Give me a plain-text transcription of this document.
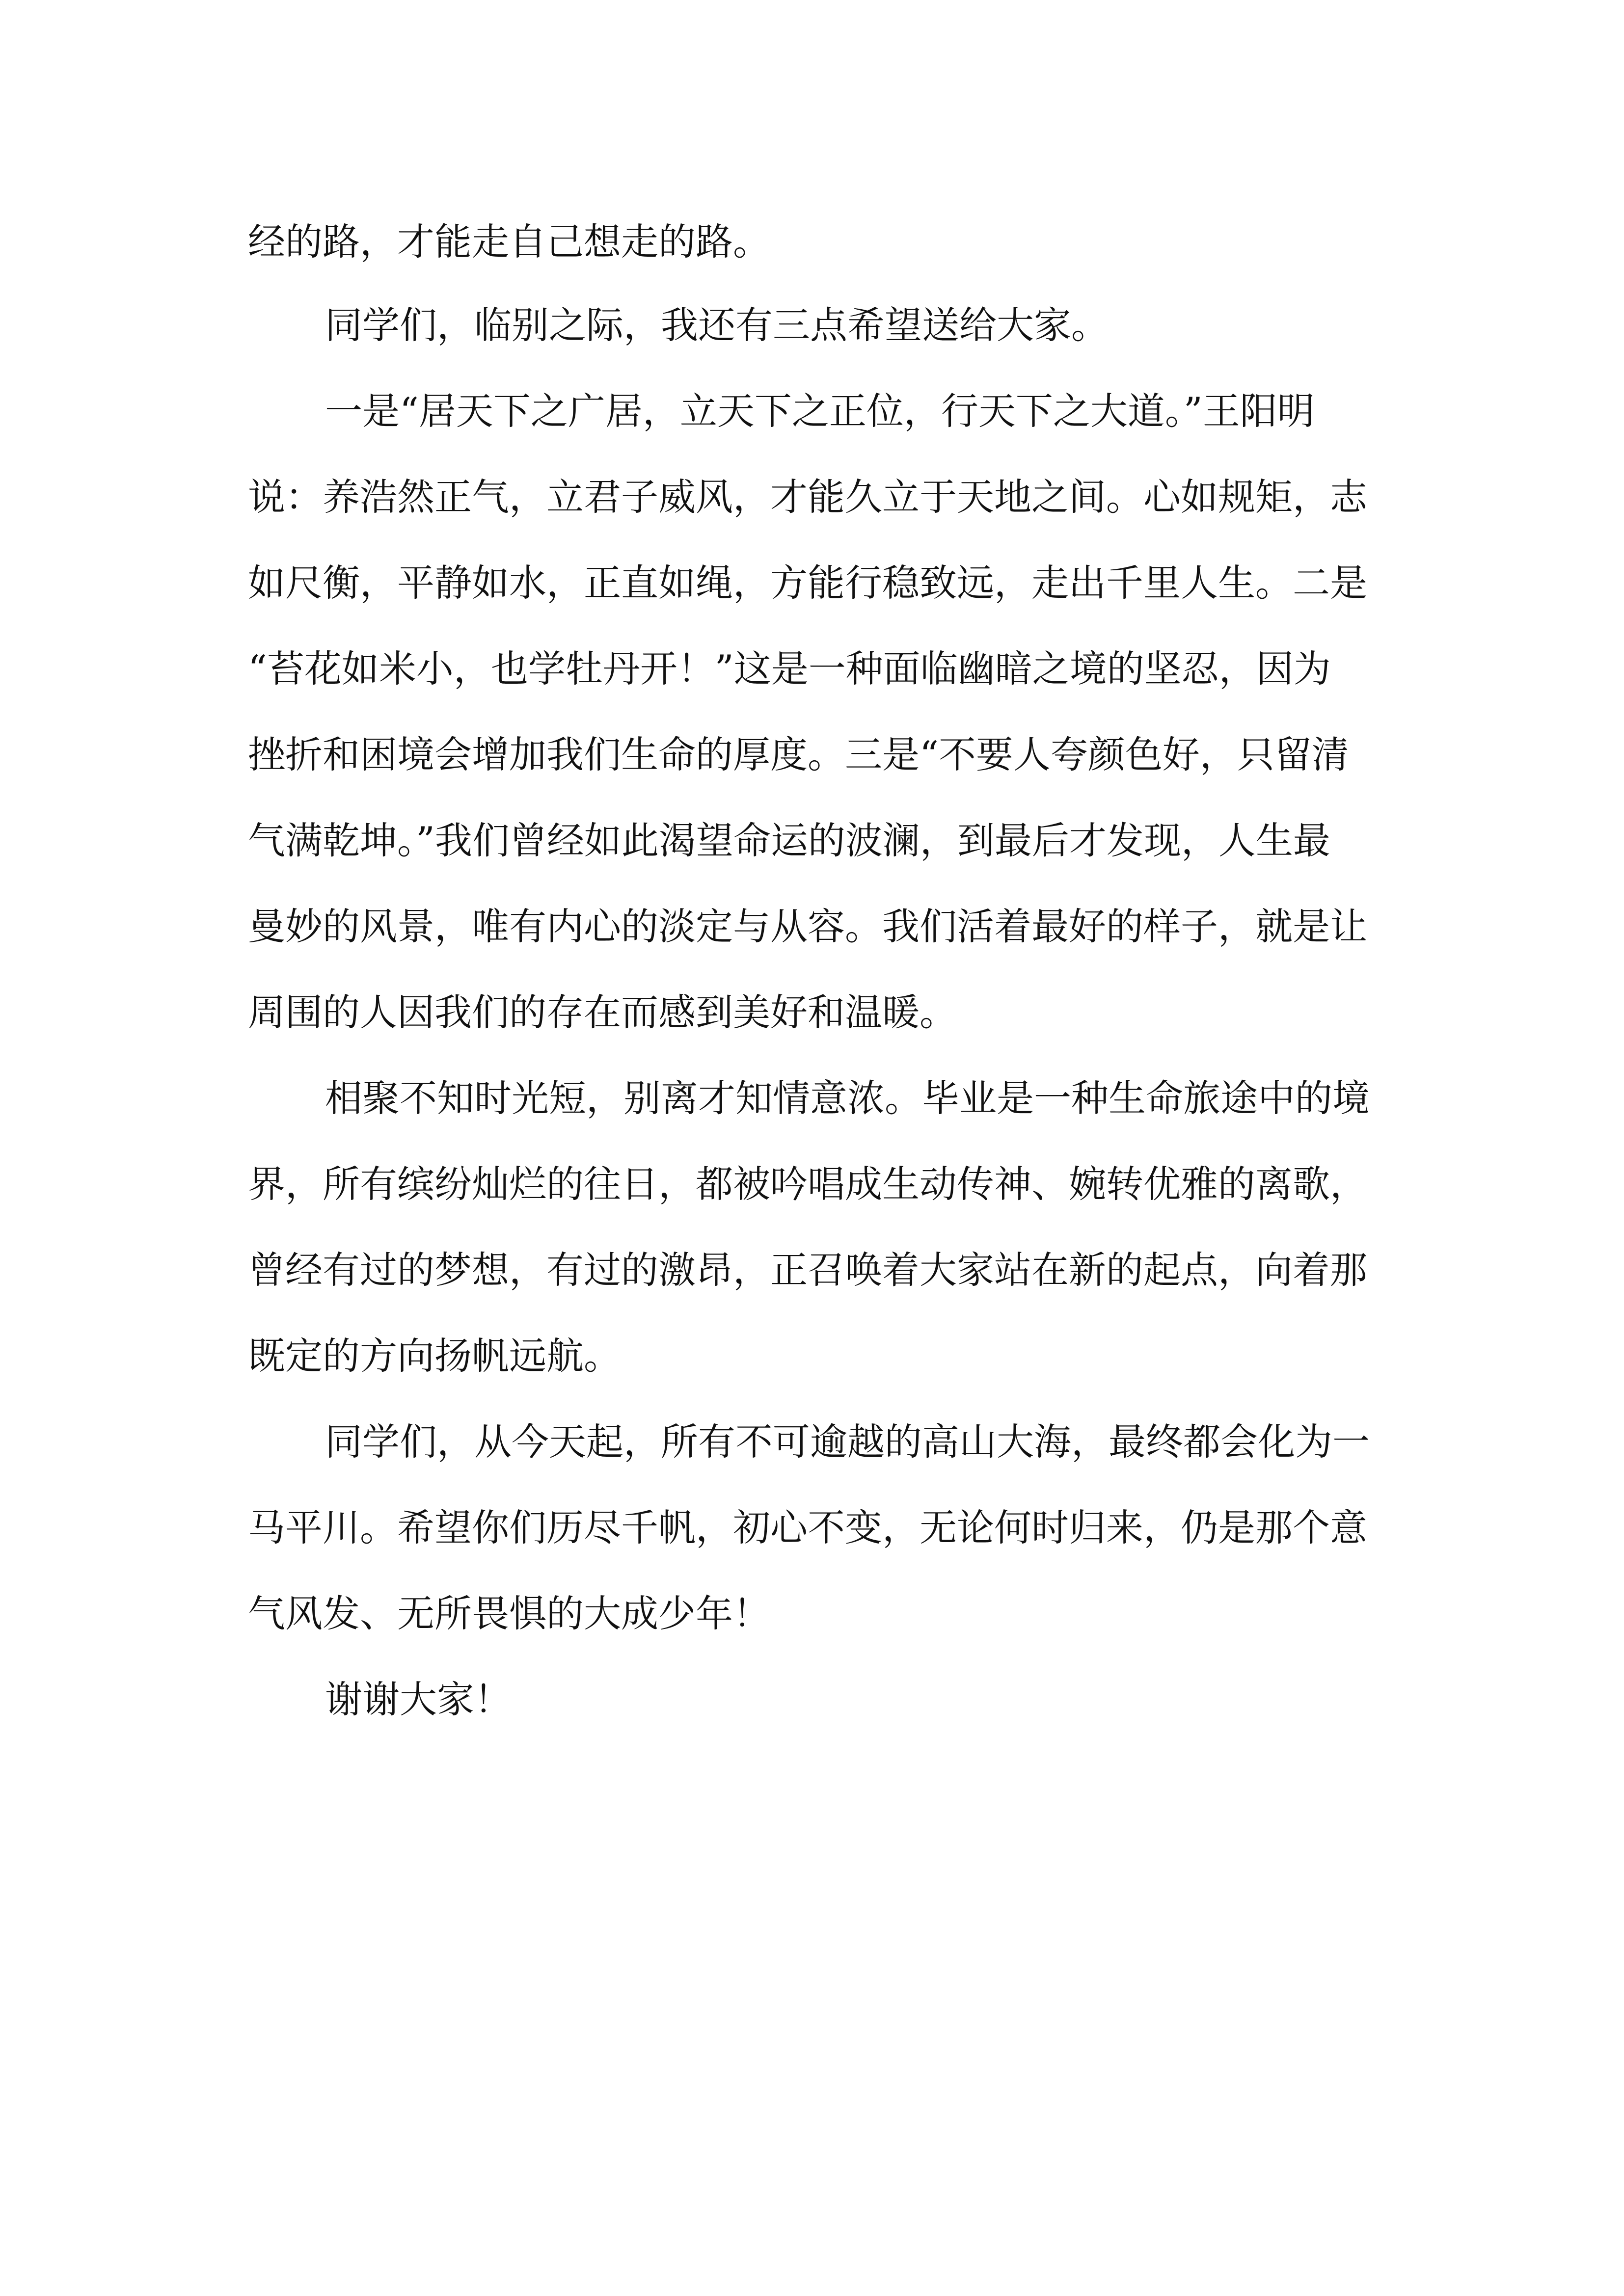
经的路，才能走自己想走的路。
同学们，临别之际，我还有三点希望送给大家。
一是“居天下之广居，立天下之正位，行天下之大道。”王阳明
说：养浩然正气，立君子威风，才能久立于天地之间。心如规矩，志
如尺衡，平静如水，正直如绳，方能行稳致远，走出千里人生。二是
“苔花如米小，也学牡丹开！”这是一种面临幽暗之境的坚忍，因为
挫折和困境会增加我们生命的厚度。三是“不要人夸颜色好，只留清
气满乾坤。”我们曾经如此渴望命运的波澜，到最后才发现，人生最
曼妙的风景，唯有内心的淡定与从容。我们活着最好的样子，就是让
周围的人因我们的存在而感到美好和温暖。
相聚不知时光短，别离才知情意浓。毕业是一种生命旅途中的境
界，所有缤纷灿烂的往日，都被吟唱成生动传神、婉转优雅的离歌，
曾经有过的梦想，有过的激昂，正召唤着大家站在新的起点，向着那
既定的方向扬帆远航。
同学们，从今天起，所有不可逾越的高山大海，最终都会化为一
马平川。希望你们历尽千帆，初心不变，无论何时归来，仍是那个意
气风发、无所畏惧的大成少年！
谢谢大家！
